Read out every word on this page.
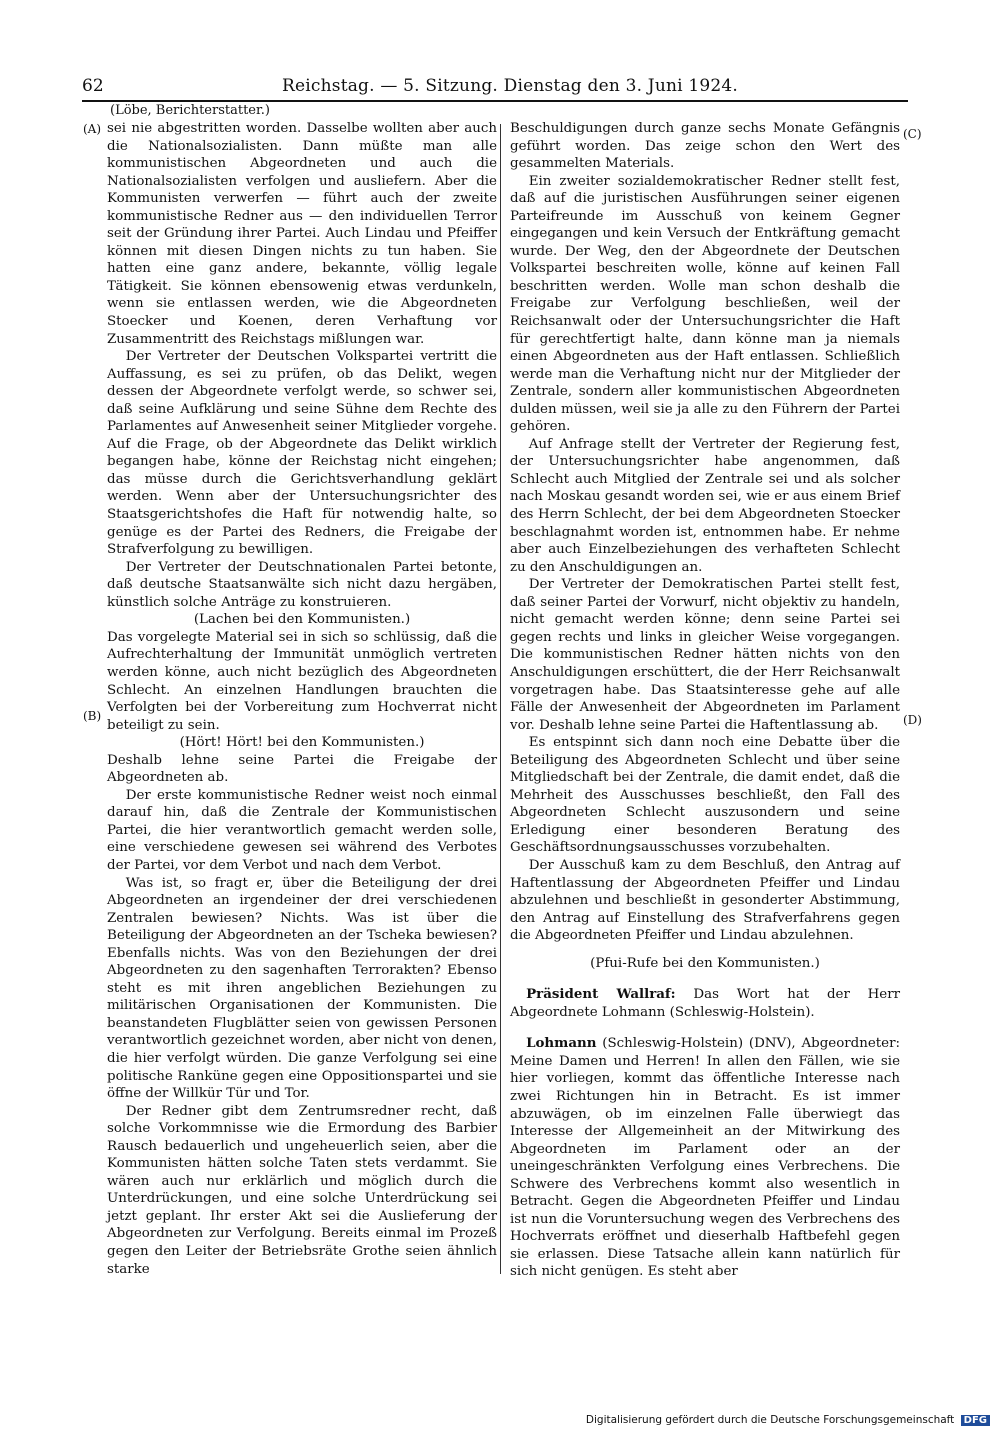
62	Reichstag. — 5. Sitzung. Dienstag den 3. Juni 1924.
(Löbe, Berichterstatter.)
(A)
(B)
(C)
(D)

sei nie abgestritten worden. Dasselbe wollten aber auch die Nationalsozialisten. Dann müßte man alle kommunistischen Abgeordneten und auch die Nationalsozialisten verfolgen und ausliefern. Aber die Kommunisten verwerfen — führt auch der zweite kommunistische Redner aus — den individuellen Terror seit der Gründung ihrer Partei. Auch Lindau und Pfeiffer können mit diesen Dingen nichts zu tun haben. Sie hatten eine ganz andere, bekannte, völlig legale Tätigkeit. Sie können ebensowenig etwas verdunkeln, wenn sie entlassen werden, wie die Abgeordneten Stoecker und Koenen, deren Verhaftung vor Zusammentritt des Reichstags mißlungen war.

Der Vertreter der Deutschen Volkspartei vertritt die Auffassung, es sei zu prüfen, ob das Delikt, wegen dessen der Abgeordnete verfolgt werde, so schwer sei, daß seine Aufklärung und seine Sühne dem Rechte des Parlamentes auf Anwesenheit seiner Mitglieder vorgehe. Auf die Frage, ob der Abgeordnete das Delikt wirklich begangen habe, könne der Reichstag nicht eingehen; das müsse durch die Gerichtsverhandlung geklärt werden. Wenn aber der Untersuchungsrichter des Staatsgerichtshofes die Haft für notwendig halte, so genüge es der Partei des Redners, die Freigabe der Strafverfolgung zu bewilligen.

Der Vertreter der Deutschnationalen Partei betonte, daß deutsche Staatsanwälte sich nicht dazu hergäben, künstlich solche Anträge zu konstruieren.

(Lachen bei den Kommunisten.)

Das vorgelegte Material sei in sich so schlüssig, daß die Aufrechterhaltung der Immunität unmöglich vertreten werden könne, auch nicht bezüglich des Abgeordneten Schlecht. An einzelnen Handlungen brauchten die Verfolgten bei der Vorbereitung zum Hochverrat nicht beteiligt zu sein.

(Hört! Hört! bei den Kommunisten.)

Deshalb lehne seine Partei die Freigabe der Abgeordneten ab.

Der erste kommunistische Redner weist noch einmal darauf hin, daß die Zentrale der Kommunistischen Partei, die hier verantwortlich gemacht werden solle, eine verschiedene gewesen sei während des Verbotes der Partei, vor dem Verbot und nach dem Verbot.

Was ist, so fragt er, über die Beteiligung der drei Abgeordneten an irgendeiner der drei verschiedenen Zentralen bewiesen? Nichts. Was ist über die Beteiligung der Abgeordneten an der Tscheka bewiesen? Ebenfalls nichts. Was von den Beziehungen der drei Abgeordneten zu den sagenhaften Terrorakten? Ebenso steht es mit ihren angeblichen Beziehungen zu militärischen Organisationen der Kommunisten. Die beanstandeten Flugblätter seien von gewissen Personen verantwortlich gezeichnet worden, aber nicht von denen, die hier verfolgt würden. Die ganze Verfolgung sei eine politische Ranküne gegen eine Oppositionspartei und sie öffne der Willkür Tür und Tor.

Der Redner gibt dem Zentrumsredner recht, daß solche Vorkommnisse wie die Ermordung des Barbier Rausch bedauerlich und ungeheuerlich seien, aber die Kommunisten hätten solche Taten stets verdammt. Sie wären auch nur erklärlich und möglich durch die Unterdrückungen, und eine solche Unterdrückung sei jetzt geplant. Ihr erster Akt sei die Auslieferung der Abgeordneten zur Verfolgung. Bereits einmal im Prozeß gegen den Leiter der Betriebsräte Grothe seien ähnlich starke

Beschuldigungen durch ganze sechs Monate Gefängnis geführt worden. Das zeige schon den Wert des gesammelten Materials.

Ein zweiter sozialdemokratischer Redner stellt fest, daß auf die juristischen Ausführungen seiner eigenen Parteifreunde im Ausschuß von keinem Gegner eingegangen und kein Versuch der Entkräftung gemacht wurde. Der Weg, den der Abgeordnete der Deutschen Volkspartei beschreiten wolle, könne auf keinen Fall beschritten werden. Wolle man schon deshalb die Freigabe zur Verfolgung beschließen, weil der Reichsanwalt oder der Untersuchungsrichter die Haft für gerechtfertigt halte, dann könne man ja niemals einen Abgeordneten aus der Haft entlassen. Schließlich werde man die Verhaftung nicht nur der Mitglieder der Zentrale, sondern aller kommunistischen Abgeordneten dulden müssen, weil sie ja alle zu den Führern der Partei gehören.

Auf Anfrage stellt der Vertreter der Regierung fest, der Untersuchungsrichter habe angenommen, daß Schlecht auch Mitglied der Zentrale sei und als solcher nach Moskau gesandt worden sei, wie er aus einem Brief des Herrn Schlecht, der bei dem Abgeordneten Stoecker beschlagnahmt worden ist, entnommen habe. Er nehme aber auch Einzelbeziehungen des verhafteten Schlecht zu den Anschuldigungen an.

Der Vertreter der Demokratischen Partei stellt fest, daß seiner Partei der Vorwurf, nicht objektiv zu handeln, nicht gemacht werden könne; denn seine Partei sei gegen rechts und links in gleicher Weise vorgegangen. Die kommunistischen Redner hätten nichts von den Anschuldigungen erschüttert, die der Herr Reichsanwalt vorgetragen habe. Das Staatsinteresse gehe auf alle Fälle der Anwesenheit der Abgeordneten im Parlament vor. Deshalb lehne seine Partei die Haftentlassung ab.

Es entspinnt sich dann noch eine Debatte über die Beteiligung des Abgeordneten Schlecht und über seine Mitgliedschaft bei der Zentrale, die damit endet, daß die Mehrheit des Ausschusses beschließt, den Fall des Abgeordneten Schlecht auszusondern und seine Erledigung einer besonderen Beratung des Geschäftsordnungsausschusses vorzubehalten.

Der Ausschuß kam zu dem Beschluß, den Antrag auf Haftentlassung der Abgeordneten Pfeiffer und Lindau abzulehnen und beschließt in gesonderter Abstimmung, den Antrag auf Einstellung des Strafverfahrens gegen die Abgeordneten Pfeiffer und Lindau abzulehnen.

(Pfui-Rufe bei den Kommunisten.)

Präsident Wallraf: Das Wort hat der Herr Abgeordnete Lohmann (Schleswig-Holstein).

Lohmann (Schleswig-Holstein) (DNV), Abgeordneter: Meine Damen und Herren! In allen den Fällen, wie sie hier vorliegen, kommt das öffentliche Interesse nach zwei Richtungen hin in Betracht. Es ist immer abzuwägen, ob im einzelnen Falle überwiegt das Interesse der Allgemeinheit an der Mitwirkung des Abgeordneten im Parlament oder an der uneingeschränkten Verfolgung eines Verbrechens. Die Schwere des Verbrechens kommt also wesentlich in Betracht. Gegen die Abgeordneten Pfeiffer und Lindau ist nun die Voruntersuchung wegen des Verbrechens des Hochverrats eröffnet und dieserhalb Haftbefehl gegen sie erlassen. Diese Tatsache allein kann natürlich für sich nicht genügen. Es steht aber

Digitalisierung gefördert durch die Deutsche Forschungsgemeinschaft DFG
